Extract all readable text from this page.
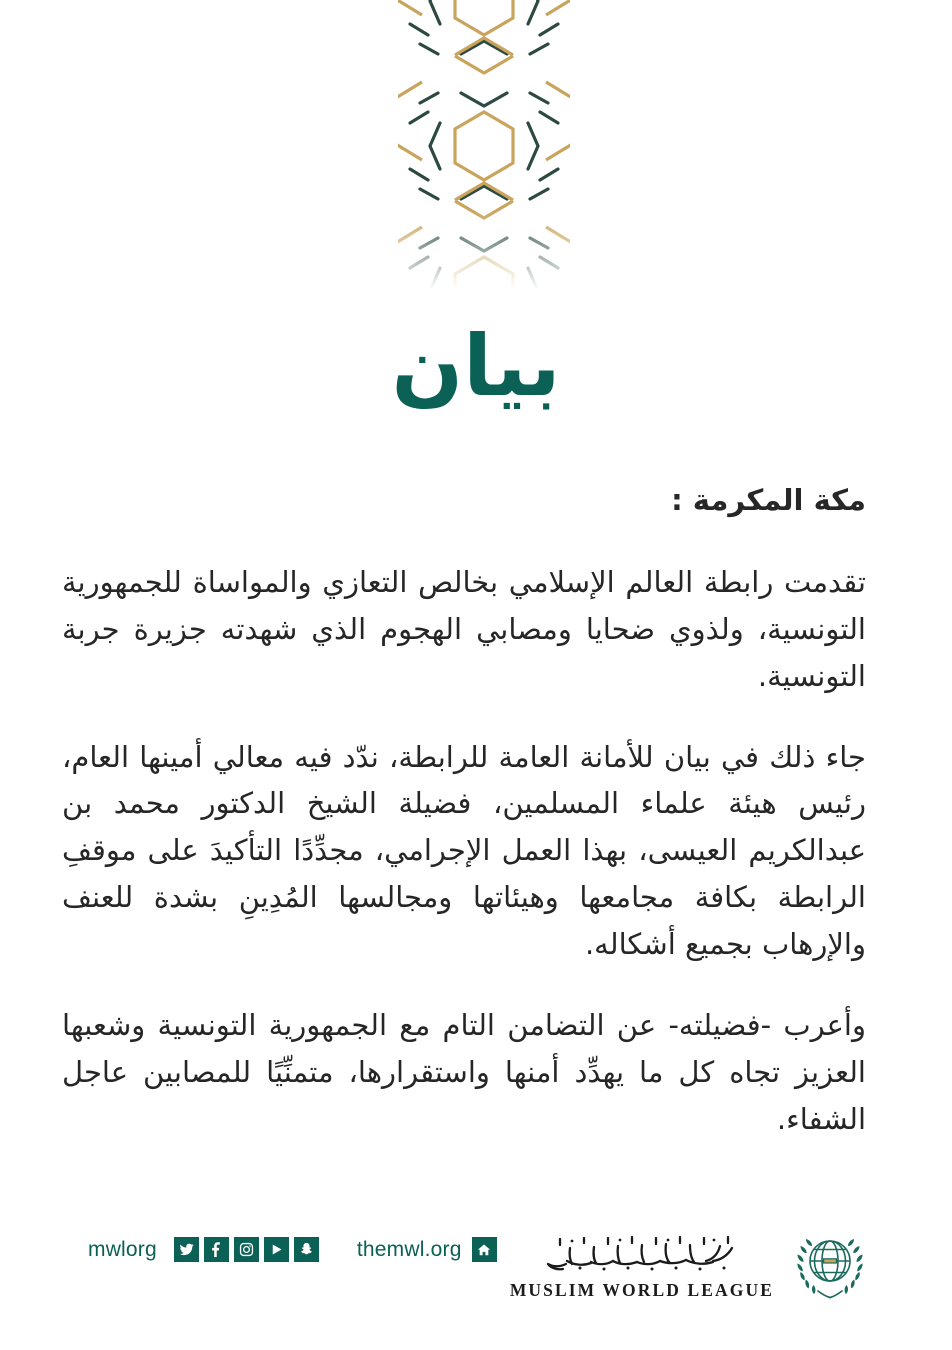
بيان
مكة المكرمة :

تقدمت رابطة العالم الإسلامي بخالص التعازي والمواساة للجمهورية التونسية، ولذوي ضحايا ومصابي الهجوم الذي شهدته جزيرة جربة التونسية.

جاء ذلك في بيان للأمانة العامة للرابطة، ندّد فيه معالي أمينها العام، رئيس هيئة علماء المسلمين، فضيلة الشيخ الدكتور محمد بن عبدالكريم العيسى، بهذا العمل الإجرامي، مجدِّدًا التأكيدَ على موقفِ الرابطة بكافة مجامعها وهيئاتها ومجالسها المُدِينِ بشدة للعنف والإرهاب بجميع أشكاله.

وأعرب -فضيلته- عن التضامن التام مع الجمهورية التونسية وشعبها العزيز تجاه كل ما يهدِّد أمنها واستقرارها، متمنِّيًا للمصابين عاجل الشفاء.

mwlorg	themwl.org
MUSLIM WORLD LEAGUE
